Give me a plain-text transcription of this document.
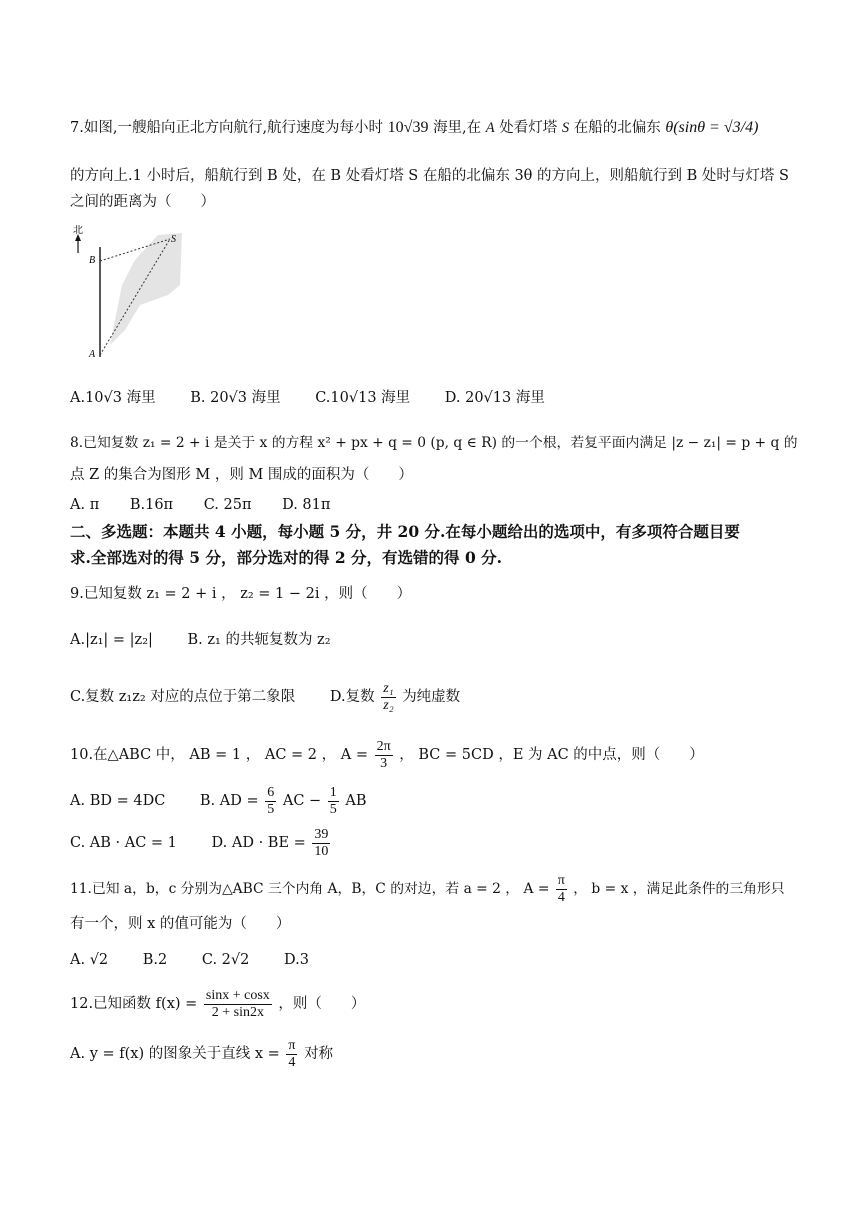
7.如图,一艘船向正北方向航行,航行速度为每小时 10√39 海里,在 A 处看灯塔 S 在船的北偏东 θ(sinθ = √3/4)
的方向上.1 小时后，船航行到 B 处，在 B 处看灯塔 S 在船的北偏东 3θ 的方向上，则船航行到 B 处时与灯塔 S
之间的距离为（　　）
北
B
S
A
A.10√3 海里 B. 20√3 海里 C.10√13 海里 D. 20√13 海里
8.已知复数 z₁ = 2 + i 是关于 x 的方程 x² + px + q = 0 (p, q ∈ R) 的一个根，若复平面内满足 |z − z₁| = p + q 的
点 Z 的集合为图形 M ，则 M 围成的面积为（　　）
A. π B.16π C. 25π D. 81π
二、多选题：本题共 4 小题，每小题 5 分，井 20 分.在每小题给出的选项中，有多项符合题目要
求.全部选对的得 5 分，部分选对的得 2 分，有选错的得 0 分.
9.已知复数 z₁ = 2 + i ， z₂ = 1 − 2i ，则（　　）
A.|z₁| = |z₂| B. z₁ 的共轭复数为 z₂
C.复数 z₁z₂ 对应的点位于第二象限 D.复数 $\frac{\text{z₁}}{\text{z₂}}$ 为纯虚数
10.在△ABC 中， AB = 1 ， AC = 2 ， $A = \frac{2\pi}{3}$ ， BC = 5CD ，E 为 AC 的中点，则（　　）
A. BD = 4DC B. AD = $\frac{6}{5}$ AC − $\frac{1}{5}$ AB
C. AB · AC = 1 D. AD · BE = $\frac{39}{10}$
11.已知 a，b，c 分别为△ABC 三个内角 A，B，C 的对边，若 a = 2 ， $A = \frac{\pi}{4}$ ， b = x ，满足此条件的三角形只
有一个，则 x 的值可能为（　　）
A. √2 B.2 C. 2√2 D.3
12.已知函数 $f(x) = \frac{\sin x + \cos x}{2 + \sin 2x}$ ，则（　　）
A. y = f(x) 的图象关于直线 $x = \frac{\pi}{4}$ 对称
